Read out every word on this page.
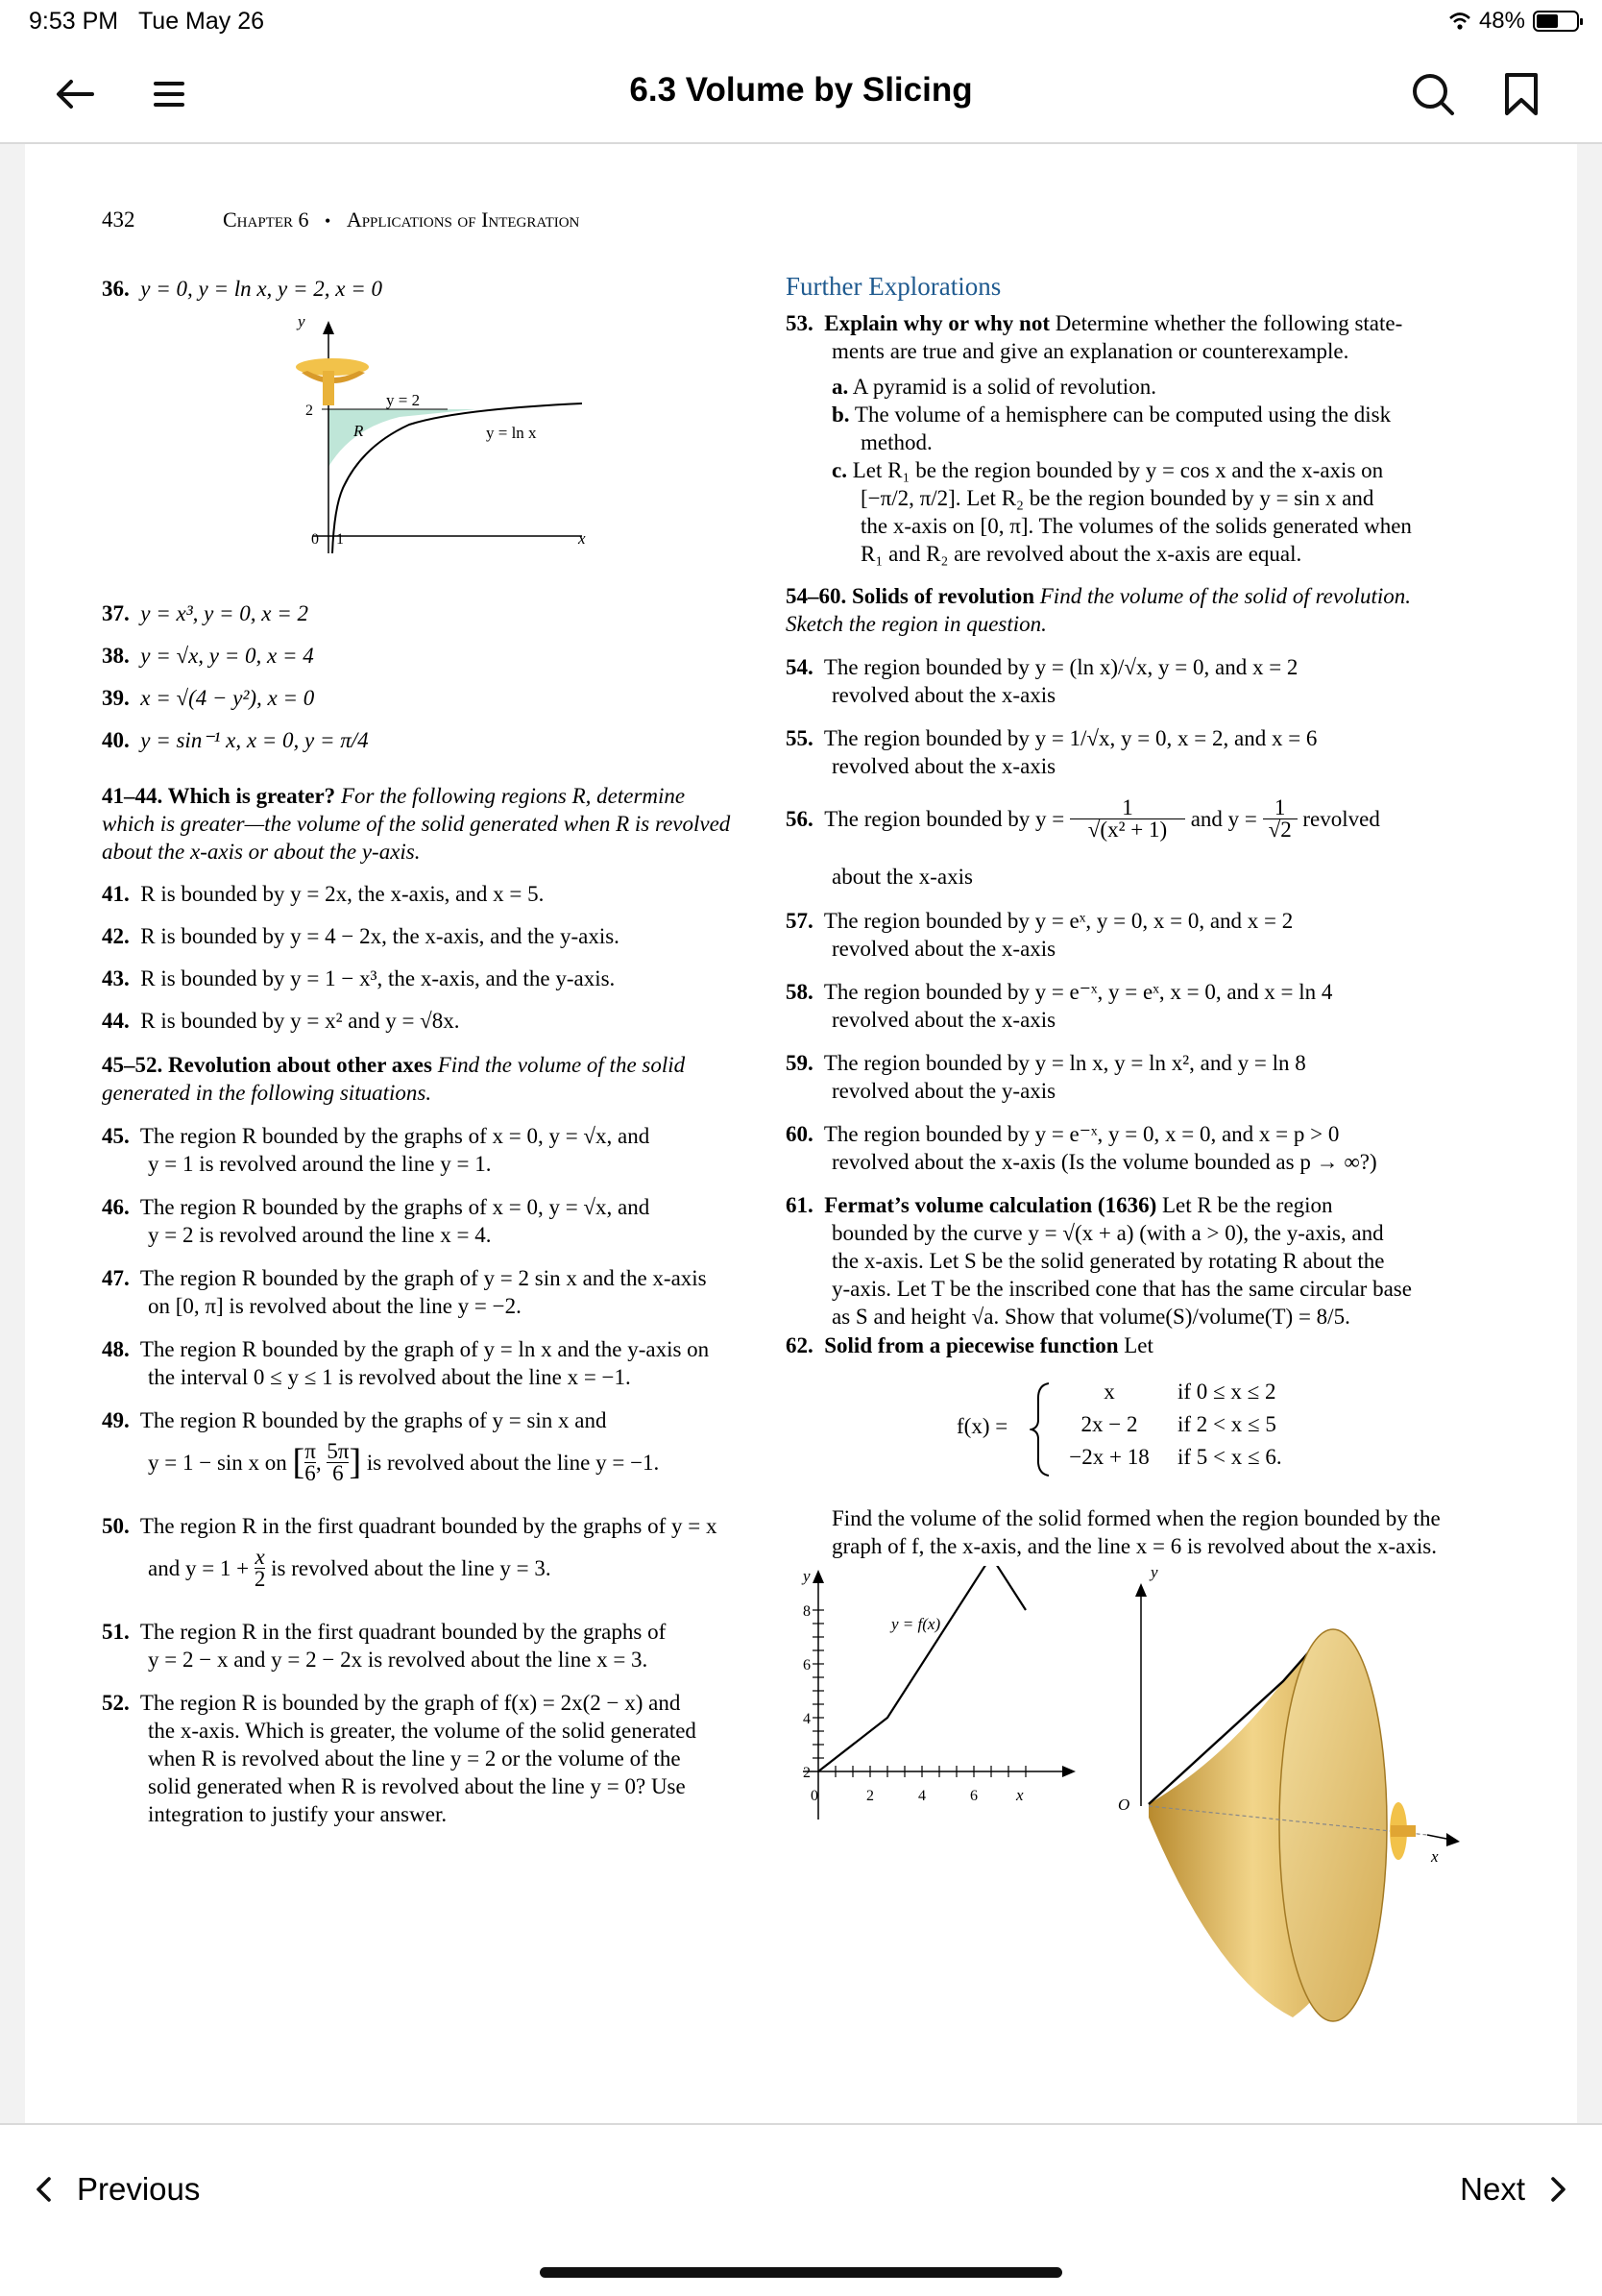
9:53 PM Tue May 26	48%
6.3 Volume by Slicing
432	Chapter 6 • Applications of Integration
36. y = 0, y = ln x, y = 2, x = 0
y
y = 2
2
R	y = ln x
0 1	x
37. y = x³, y = 0, x = 2
38. y = √x, y = 0, x = 4
39. x = √(4 − y²), x = 0
40. y = sin⁻¹ x, x = 0, y = π/4
41–44. Which is greater? For the following regions R, determine
which is greater—the volume of the solid generated when R is revolved
about the x-axis or about the y-axis.
41. R is bounded by y = 2x, the x-axis, and x = 5.
42. R is bounded by y = 4 − 2x, the x-axis, and the y-axis.
43. R is bounded by y = 1 − x³, the x-axis, and the y-axis.
44. R is bounded by y = x² and y = √8x.
45–52. Revolution about other axes Find the volume of the solid
generated in the following situations.
45. The region R bounded by the graphs of x = 0, y = √x, and
y = 1 is revolved around the line y = 1.
46. The region R bounded by the graphs of x = 0, y = √x, and
y = 2 is revolved around the line x = 4.
47. The region R bounded by the graph of y = 2 sin x and the x-axis
on [0, π] is revolved about the line y = −2.
48. The region R bounded by the graph of y = ln x and the y-axis on
the interval 0 ≤ y ≤ 1 is revolved about the line x = −1.
49. The region R bounded by the graphs of y = sin x and
y = 1 − sin x on
[ $\frac{\pi}{6}$ , $\frac{5\pi}{6}$ ]
is revolved about the line y = −1.
50. The region R in the first quadrant bounded by the graphs of y = x
and y = 1 +
$\frac{x}{2}$
is revolved about the line y = 3.
51. The region R in the first quadrant bounded by the graphs of
y = 2 − x and y = 2 − 2x is revolved about the line x = 3.
52. The region R is bounded by the graph of f(x) = 2x(2 − x) and
the x-axis. Which is greater, the volume of the solid generated
when R is revolved about the line y = 2 or the volume of the
solid generated when R is revolved about the line y = 0? Use
integration to justify your answer.
Further Explorations
53. Explain why or why not Determine whether the following state-
ments are true and give an explanation or counterexample.
a. A pyramid is a solid of revolution.
b. The volume of a hemisphere can be computed using the disk
method.
c. Let R₁ be the region bounded by y = cos x and the x-axis on
[−π/2, π/2]. Let R₂ be the region bounded by y = sin x and
the x-axis on [0, π]. The volumes of the solids generated when
R₁ and R₂ are revolved about the x-axis are equal.
54–60. Solids of revolution Find the volume of the solid of revolution.
Sketch the region in question.
54. The region bounded by y = (ln x)/√x, y = 0, and x = 2
revolved about the x-axis
55. The region bounded by y = 1/√x, y = 0, x = 2, and x = 6
revolved about the x-axis
56.
The region bounded by y =
$\frac{1}{\text{√(x² + 1)}}$
and y =
$\frac{1}{√2}$
revolved
about the x-axis
57. The region bounded by y = eˣ, y = 0, x = 0, and x = 2
revolved about the x-axis
58. The region bounded by y = e⁻ˣ, y = eˣ, x = 0, and x = ln 4
revolved about the x-axis
59. The region bounded by y = ln x, y = ln x², and y = ln 8
revolved about the y-axis
60. The region bounded by y = e⁻ˣ, y = 0, x = 0, and x = p > 0
revolved about the x-axis (Is the volume bounded as p → ∞?)
61. Fermat’s volume calculation (1636) Let R be the region
bounded by the curve y = √(x + a) (with a > 0), the y-axis, and
the x-axis. Let S be the solid generated by rotating R about the
y-axis. Let T be the inscribed cone that has the same circular base
as S and height √a. Show that volume(S)/volume(T) = 8/5.
62. Solid from a piecewise function Let
f(x) =
x	if 0 ≤ x ≤ 2
2x − 2	if 2 < x ≤ 5
−2x + 18	if 5 < x ≤ 6.
Find the volume of the solid formed when the region bounded by the
graph of f, the x-axis, and the line x = 6 is revolved about the x-axis.
y = f(x)
y
8
6
4
2
0	2	4	6 x
y
O
x
Previous	Next
